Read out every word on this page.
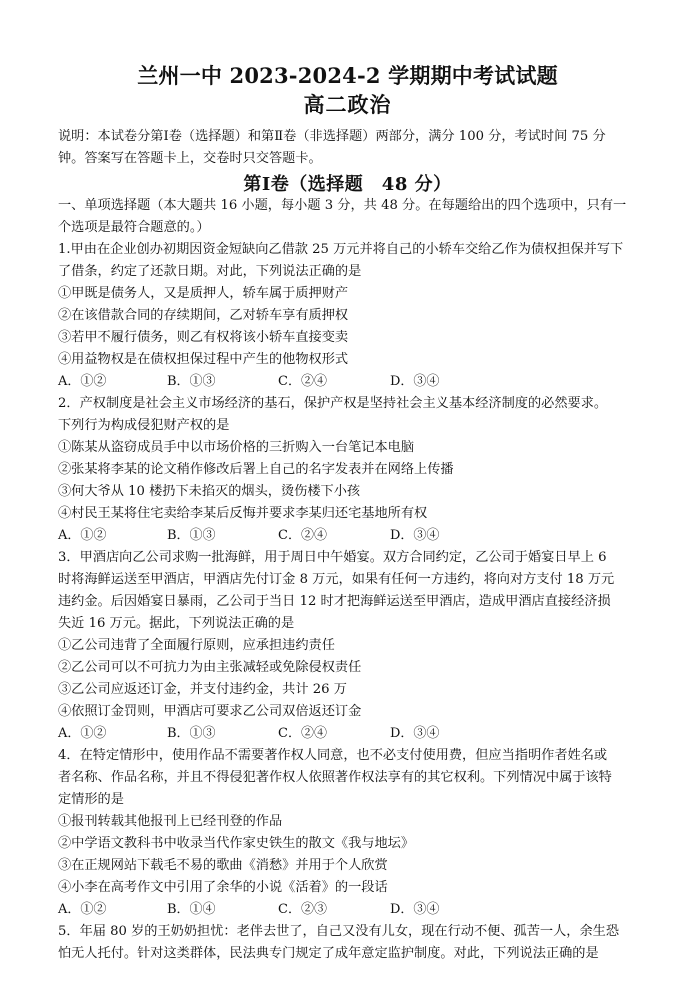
兰州一中 2023-2024-2 学期期中考试试题
高二政治
说明：本试卷分第Ⅰ卷（选择题）和第Ⅱ卷（非选择题）两部分，满分 100 分，考试时间 75 分
钟。答案写在答题卡上，交卷时只交答题卡。
第Ⅰ卷（选择题　48 分）
一、单项选择题（本大题共 16 小题，每小题 3 分，共 48 分。在每题给出的四个选项中，只有一
个选项是最符合题意的。）
1.甲由在企业创办初期因资金短缺向乙借款 25 万元并将自己的小轿车交给乙作为债权担保并写下
了借条，约定了还款日期。对此，下列说法正确的是
①甲既是债务人，又是质押人，轿车属于质押财产
②在该借款合同的存续期间，乙对轿车享有质押权
③若甲不履行债务，则乙有权将该小轿车直接变卖
④用益物权是在债权担保过程中产生的他物权形式
A．①②	B．①③	C．②④	D．③④
2．产权制度是社会主义市场经济的基石，保护产权是坚持社会主义基本经济制度的必然要求。
下列行为构成侵犯财产权的是
①陈某从盗窃成员手中以市场价格的三折购入一台笔记本电脑
②张某将李某的论文稍作修改后署上自己的名字发表并在网络上传播
③何大爷从 10 楼扔下未掐灭的烟头，烫伤楼下小孩
④村民王某将住宅卖给李某后反悔并要求李某归还宅基地所有权
A．①②	B．①③	C．②④	D．③④
3．甲酒店向乙公司求购一批海鲜，用于周日中午婚宴。双方合同约定，乙公司于婚宴日早上 6
时将海鲜运送至甲酒店，甲酒店先付订金 8 万元，如果有任何一方违约，将向对方支付 18 万元
违约金。后因婚宴日暴雨，乙公司于当日 12 时才把海鲜运送至甲酒店，造成甲酒店直接经济损
失近 16 万元。据此，下列说法正确的是
①乙公司违背了全面履行原则，应承担违约责任
②乙公司可以不可抗力为由主张减轻或免除侵权责任
③乙公司应返还订金，并支付违约金，共计 26 万
④依照订金罚则，甲酒店可要求乙公司双倍返还订金
A．①②	B．①③	C．②④	D．③④
4．在特定情形中，使用作品不需要著作权人同意，也不必支付使用费，但应当指明作者姓名或
者名称、作品名称，并且不得侵犯著作权人依照著作权法享有的其它权利。下列情况中属于该特
定情形的是
①报刊转载其他报刊上已经刊登的作品
②中学语文教科书中收录当代作家史铁生的散文《我与地坛》
③在正规网站下载毛不易的歌曲《消愁》并用于个人欣赏
④小李在高考作文中引用了余华的小说《活着》的一段话
A．①②	B．①④	C．②③	D．③④
5．年届 80 岁的王奶奶担忧：老伴去世了，自己又没有儿女，现在行动不便、孤苦一人，余生恐
怕无人托付。针对这类群体，民法典专门规定了成年意定监护制度。对此，下列说法正确的是
